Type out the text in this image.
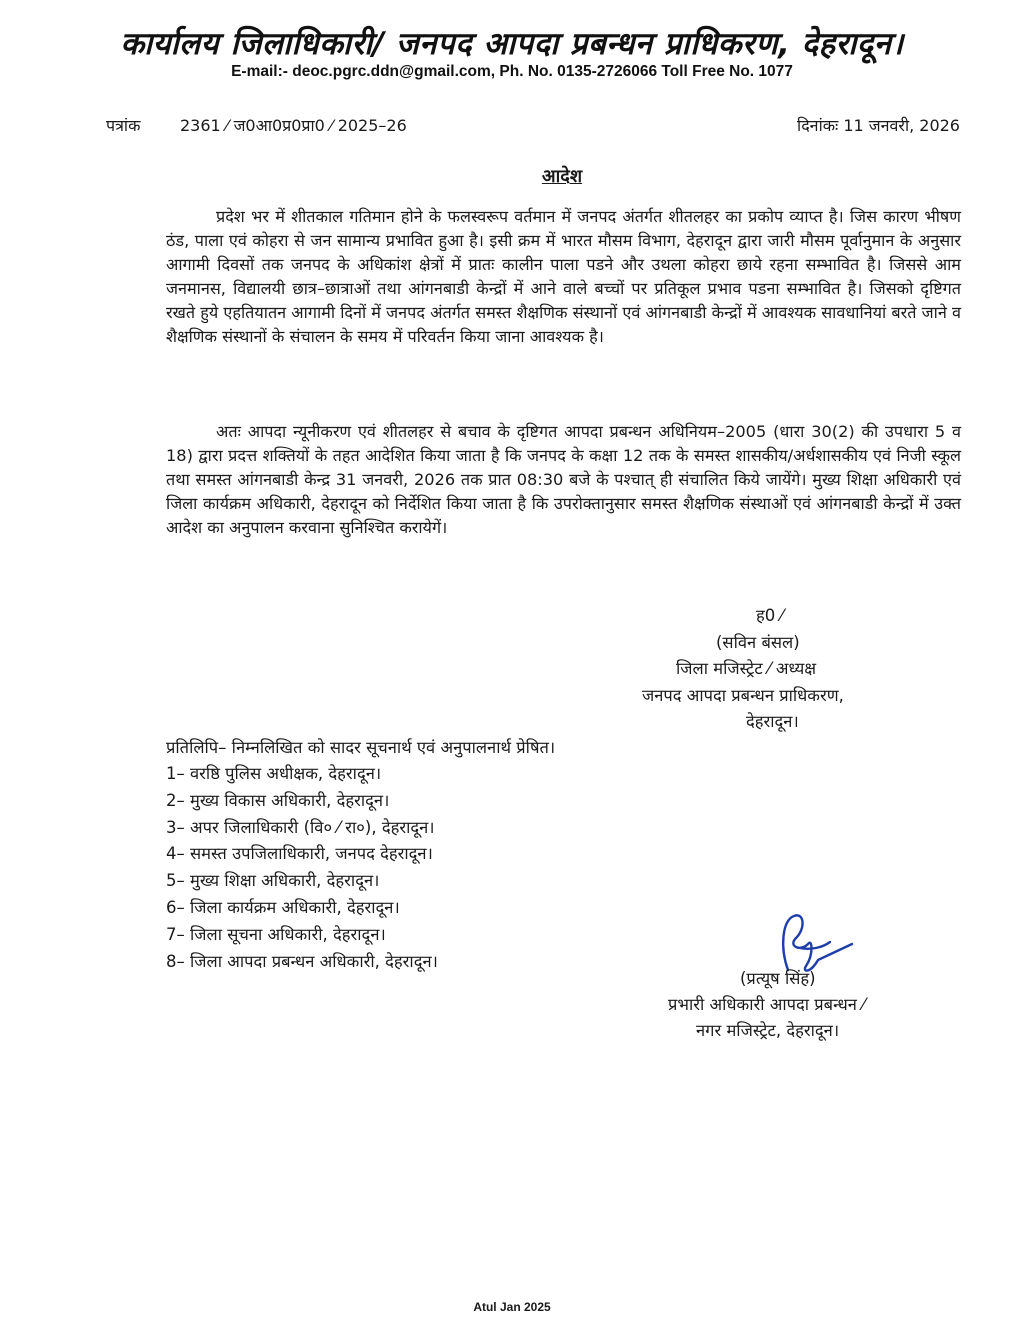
कार्यालय जिलाधिकारी/ जनपद आपदा प्रबन्धन प्राधिकरण, देहरादून।
E-mail:- deoc.pgrc.ddn@gmail.com, Ph. No. 0135-2726066 Toll Free No. 1077
पत्रांक 2361 ⁄ ज0आ0प्र0प्रा0 ⁄ 2025–26	दिनांकः 11 जनवरी, 2026
आदेश

प्रदेश भर में शीतकाल गतिमान होने के फलस्वरूप वर्तमान में जनपद अंतर्गत शीतलहर का प्रकोप व्याप्त है। जिस कारण भीषण ठंड, पाला एवं कोहरा से जन सामान्य प्रभावित हुआ है। इसी क्रम में भारत मौसम विभाग, देहरादून द्वारा जारी मौसम पूर्वानुमान के अनुसार आगामी दिवसों तक जनपद के अधिकांश क्षेत्रों में प्रातः कालीन पाला पडने और उथला कोहरा छाये रहना सम्भावित है। जिससे आम जनमानस, विद्यालयी छात्र–छात्राओं तथा आंगनबाडी केन्द्रों में आने वाले बच्चों पर प्रतिकूल प्रभाव पडना सम्भावित है। जिसको दृष्टिगत रखते हुये एहतियातन आगामी दिनों में जनपद अंतर्गत समस्त शैक्षणिक संस्थानों एवं आंगनबाडी केन्द्रों में आवश्यक सावधानियां बरते जाने व शैक्षणिक संस्थानों के संचालन के समय में परिवर्तन किया जाना आवश्यक है।

अतः आपदा न्यूनीकरण एवं शीतलहर से बचाव के दृष्टिगत आपदा प्रबन्धन अधिनियम–2005 (धारा 30(2) की उपधारा 5 व 18) द्वारा प्रदत्त शक्तियों के तहत आदेशित किया जाता है कि जनपद के कक्षा 12 तक के समस्त शासकीय/अर्धशासकीय एवं निजी स्कूल तथा समस्त आंगनबाडी केन्द्र 31 जनवरी, 2026 तक प्रात 08:30 बजे के पश्चात् ही संचालित किये जायेंगे। मुख्य शिक्षा अधिकारी एवं जिला कार्यक्रम अधिकारी, देहरादून को निर्देशित किया जाता है कि उपरोक्तानुसार समस्त शैक्षणिक संस्थाओं एवं आंगनबाडी केन्द्रों में उक्त आदेश का अनुपालन करवाना सुनिश्चित करायेगें।

ह0 ⁄
(सविन बंसल)
जिला मजिस्ट्रेट ⁄ अध्यक्ष
जनपद आपदा प्रबन्धन प्राधिकरण,
देहरादून।
प्रतिलिपि– निम्नलिखित को सादर सूचनार्थ एवं अनुपालनार्थ प्रेषित।
1– वरष्ठि पुलिस अधीक्षक, देहरादून।
2– मुख्य विकास अधिकारी, देहरादून।
3– अपर जिलाधिकारी (वि० ⁄ रा०), देहरादून।
4– समस्त उपजिलाधिकारी, जनपद देहरादून।
5– मुख्य शिक्षा अधिकारी, देहरादून।
6– जिला कार्यक्रम अधिकारी, देहरादून।
7– जिला सूचना अधिकारी, देहरादून।
8– जिला आपदा प्रबन्धन अधिकारी, देहरादून।
(प्रत्यूष सिंह)
प्रभारी अधिकारी आपदा प्रबन्धन ⁄
नगर मजिस्ट्रेट, देहरादून।
Atul Jan 2025
